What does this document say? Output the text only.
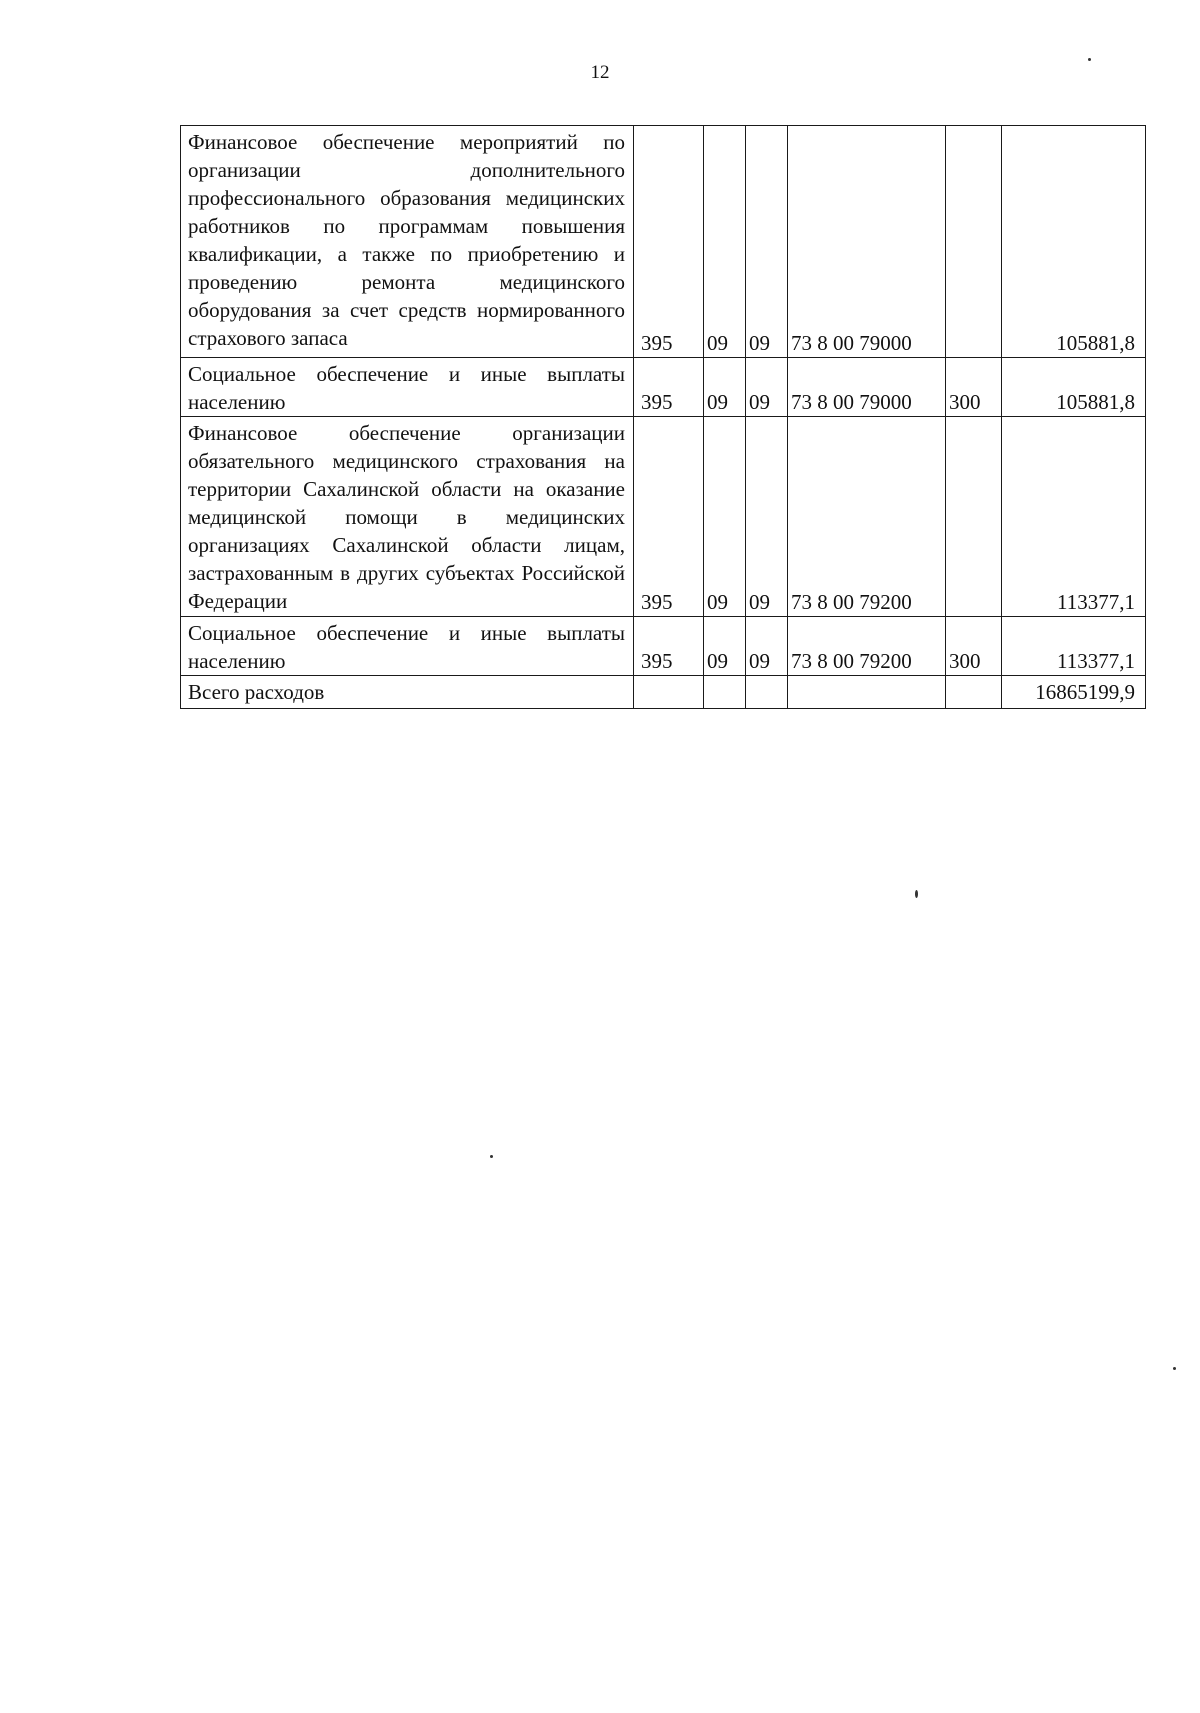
12
Финансовое обеспечение мероприятий по организации дополнительного профессионального образования медицинских работников по программам повышения квалификации, а также по приобретению и проведению ремонта медицинского оборудования за счет средств нормированного страхового запаса	395	09	09	73 8 00 79000		105881,8
Социальное обеспечение и иные выплаты населению	395	09	09	73 8 00 79000	300	105881,8
Финансовое обеспечение организации обязательного медицинского страхования на территории Сахалинской области на оказание медицинской помощи в медицинских организациях Сахалинской области лицам, застрахованным в других субъектах Российской Федерации	395	09	09	73 8 00 79200		113377,1
Социальное обеспечение и иные выплаты населению	395	09	09	73 8 00 79200	300	113377,1
Всего расходов						16865199,9
